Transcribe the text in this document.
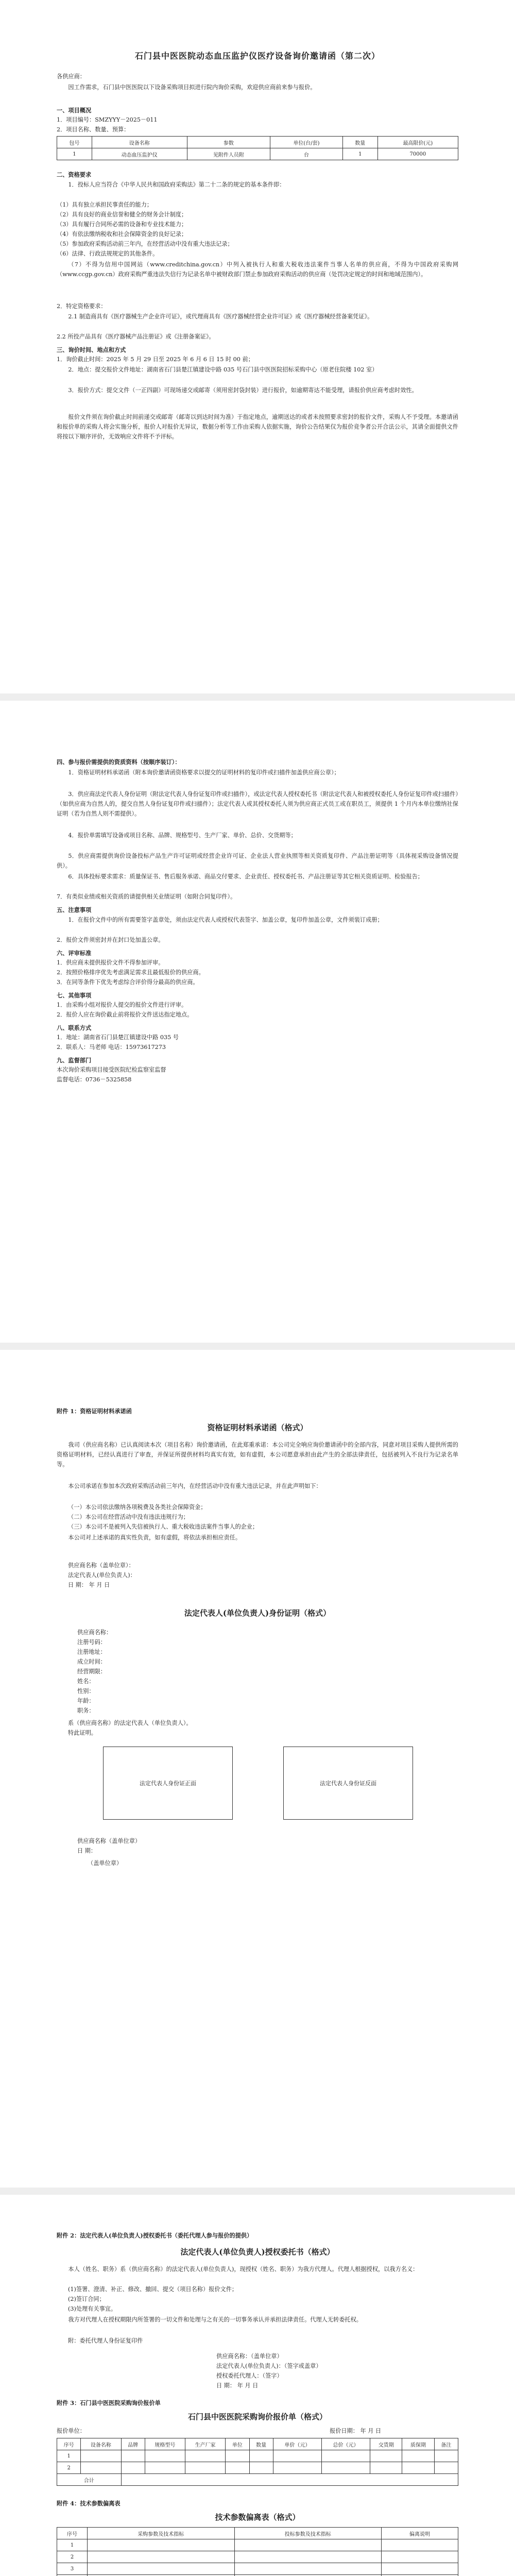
石门县中医医院动态血压监护仪医疗设备询价邀请函（第二次）
各供应商：
因工作需求，石门县中医医院以下设备采购项目拟进行院内询价采购，欢迎供应商前来参与报价。
一、项目概况
1．项目编号：SMZYYY－2025－011
2．项目名称、数量、预算：
包号	设备名称	参数	单位(台/套)	数量	最高限价(元)
1	动态血压监护仪	见附件人员附	台	1	70000
二、资格要求
1．投标人应当符合《中华人民共和国政府采购法》第二十二条的规定的基本条件即：
（1）具有独立承担民事责任的能力；
（2）具有良好的商业信誉和健全的财务会计制度；
（3）具有履行合同所必需的设备和专业技术能力；
（4）有依法缴纳税收和社会保障资金的良好记录；
（5）参加政府采购活动前三年内，在经营活动中没有重大违法记录；
（6）法律、行政法规规定的其他条件。
（7）不得为信用中国网站（www.creditchina.gov.cn）中列入被执行人和重大税收违法案件当事人名单的供应商，不得为中国政府采购网（www.ccgp.gov.cn）政府采购严重违法失信行为记录名单中被财政部门禁止参加政府采购活动的供应商（处罚决定规定的时间和地域范围内）。
2．特定资格要求：
2.1 制造商具有《医疗器械生产企业许可证》，或代理商具有《医疗器械经营企业许可证》或《医疗器械经营备案凭证》。
2.2 所投产品具有《医疗器械产品注册证》或《注册备案证》。
三、询价时间、地点和方式
1．询价截止时间：2025 年 5 月 29 日至 2025 年 6 月 6 日 15 时 00 前；
2．地点：提交报价文件地址：湖南省石门县楚江镇建设中路 035 号石门县中医医院招标采购中心（原老住院楼 102 室）
3．报价方式：提交文件（一正四副）可现场递交或邮寄（须用密封袋封装）进行报价，如逾期寄达不能受理，请报价供应商考虑时效性。
报价文件须在询价截止时间前递交或邮寄（邮寄以到达时间为准）于指定地点，逾期送达的或者未按照要求密封的报价文件，采购人不予受理。本邀请函和报价单的采购人将会实施分析，报价人对报价无异议，数据分析等工作由采购人依据实施，询价公告结果仅为报价竞争者公开合法公示，其请全面提供文件将按以下顺序评价，无效响应文件将不予评标。
四、参与报价需提供的资质资料（按顺序装订）：
1．资格证明材料承诺函（附本询价邀请函资格要求以提交的证明材料的复印件或扫描件加盖供应商公章）；
3．供应商法定代表人身份证明（附法定代表人身份证复印件或扫描件），或法定代表人授权委托书（附法定代表人和被授权委托人身份证复印件或扫描件）（如供应商为自然人的，提交自然人身份证复印件或扫描件）；法定代表人或其授权委托人须为供应商正式员工或在职员工，须提供 1 个月内本单位缴纳社保证明（若为自然人则不需提供）。
4．报价单需填写设备或项目名称、品牌、规格型号、生产厂家、单价、总价、交货期等；
5．供应商需提供询价设备投标产品生产许可证明或经营企业许可证、企业法人营业执照等相关资质复印件、产品注册证明等（具体视采购设备情况提供）。
6．具体投标要求需求：质量保证书、售后服务承诺、商品交付要求、企业责任、授权委托书、产品注册证等其它相关资质证明、检验报告；
7．有类似业绩或相关资质的请提供相关业绩证明（如附合同复印件）。
五、注意事项
1．在报价文件中的所有需要签字盖章处，须由法定代表人或授权代表签字、加盖公章，复印件加盖公章，文件须装订成册；
2．报价文件须密封并在封口处加盖公章。
六、评审标准
1．供应商未提供报价文件不得参加评审。
2．按照价格排序优先考虑满足需求且最低报价的供应商。
3．在同等条件下优先考虑综合评价得分最高的供应商。
七、其他事项
1．由采购小组对报价人提交的报价文件进行评审。
2．报价人应在询价截止前将报价文件送达指定地点。
八、联系方式
1．地址：湖南省石门县楚江镇建设中路 035 号
2．联系人：马老师 电话：15973617273
九、监督部门
本次询价采购项目接受医院纪检监察室监督
监督电话：0736－5325858
附件 1：资格证明材料承诺函
资格证明材料承诺函（格式）
我司（供应商名称）已认真阅读本次（项目名称）询价邀请函，在此郑重承诺：本公司完全响应询价邀请函中的全部内容，同意对项目采购人提供所需的资格证明材料，已经认真进行了审查，并保证所提供材料均真实有效，如有虚假，本公司愿意承担由此产生的全部法律责任，包括被列入不良行为记录名单等。
本公司承诺在参加本次政府采购活动前三年内，在经营活动中没有重大违法记录，并在此声明如下：
（一）本公司依法缴纳各项税费及各类社会保障资金；
（二）本公司在经营活动中没有违法违规行为；
（三）本公司不是被列入失信被执行人、重大税收违法案件当事人的企业；
本公司对上述承诺的真实性负责，如有虚假，将依法承担相应责任。
供应商名称（盖单位章）：
法定代表人(单位负责人)：
日 期： 年 月 日
法定代表人(单位负责人)身份证明（格式）
供应商名称：
注册号码：
注册地址：
成立时间：
经营期限：
姓名：
性别：
年龄：
职务：
系（供应商名称）的法定代表人（单位负责人）。
特此证明。
法定代表人身份证正面	法定代表人身份证反面
供应商名称（盖单位章）
日 期：
（盖单位章）
附件 2：法定代表人(单位负责人)授权委托书（委托代理人参与报价的提供）
法定代表人(单位负责人)授权委托书（格式）
本人（姓名、职务）系（供应商名称）的法定代表人(单位负责人)，现授权（姓名、职务）为我方代理人。代理人根据授权，以我方名义：
(1)签署、澄清、补正、修改、撤回、提交（项目名称）报价文件；
(2)签订合同；
(3)处理有关事宜。
我方对代理人在授权期限内所签署的一切文件和处理与之有关的一切事务承认并承担法律责任。代理人无转委托权。
附：委托代理人身份证复印件
供应商名称：（盖单位章）
法定代表人(单位负责人)：（签字或盖章）
授权委托代理人：（签字）
日 期： 年 月 日
附件 3：石门县中医医院采购询价报价单
石门县中医医院采购询价报价单（格式）
报价单位：	报价日期： 年 月 日
序号	设备名称	品牌	规格型号	生产厂家	单位	数量	单价（元）	总价（元）	交货期	质保期	备注
1											
2											
合计											
附件 4：技术参数偏离表
技术参数偏离表（格式）
序号	采购参数及技术指标	投标参数及技术指标	偏离说明
1			
2			
3			
